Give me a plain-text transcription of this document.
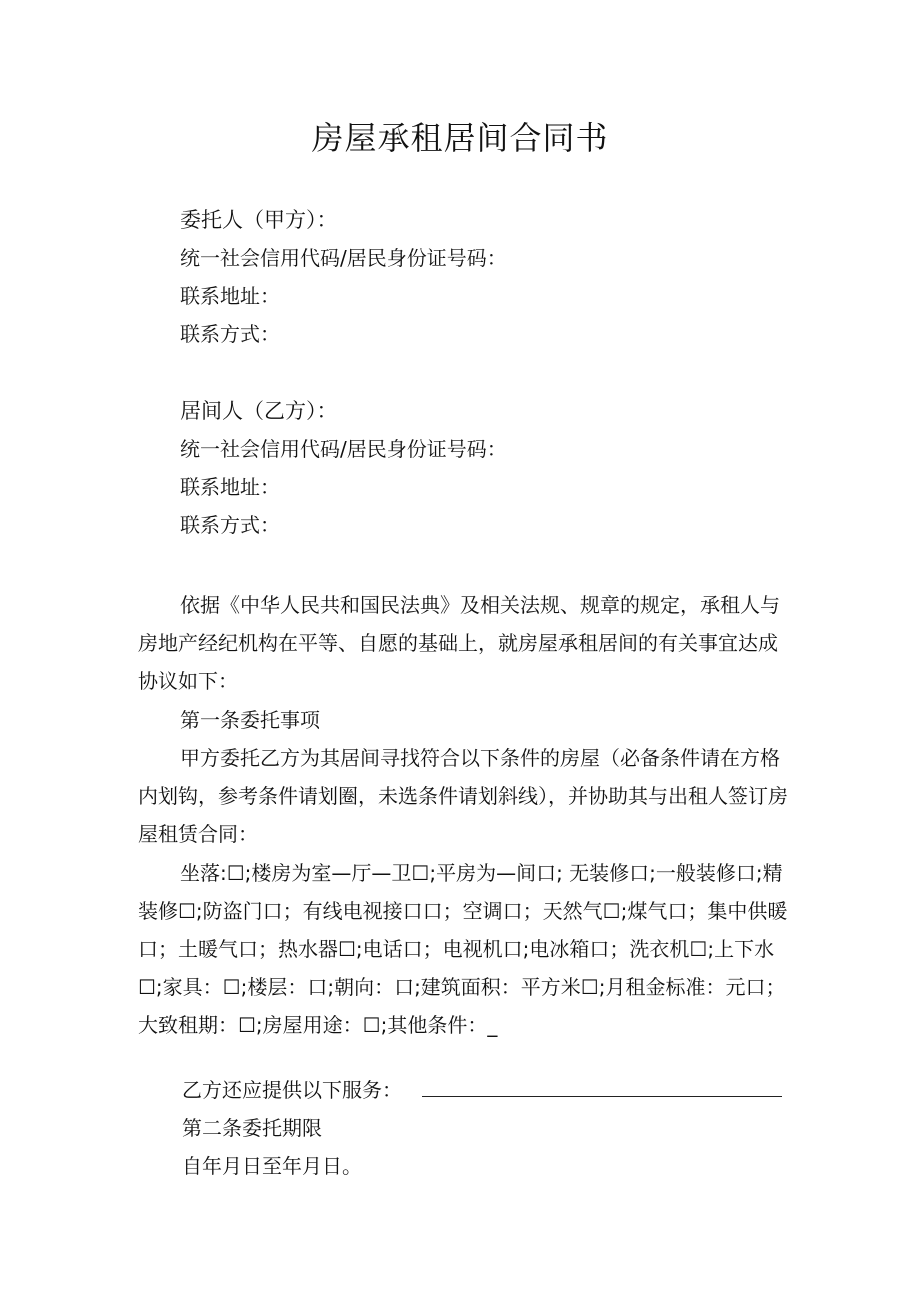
房屋承租居间合同书
委托人（甲方）：
统一社会信用代码/居民身份证号码：
联系地址：
联系方式：
居间人（乙方）：
统一社会信用代码/居民身份证号码：
联系地址：
联系方式：
依据《中华人民共和国民法典》及相关法规、规章的规定，承租人与房地产经纪机构在平等、自愿的基础上，就房屋承租居间的有关事宜达成协议如下：
第一条委托事项
甲方委托乙方为其居间寻找符合以下条件的房屋（必备条件请在方格内划钩，参考条件请划圈，未选条件请划斜线），并协助其与出租人签订房屋租赁合同：
坐落:☐;楼房为室—厅—卫☐;平房为—间口; 无装修口;一般装修口;精装修☐;防盗门口；有线电视接口口；空调口；天然气☐;煤气口；集中供暖口；土暖气口；热水器☐;电话口；电视机口;电冰箱口；洗衣机☐;上下水☐;家具：☐;楼层：口;朝向：口;建筑面积：平方米☐;月租金标准：元口；大致租期：☐;房屋用途：☐;其他条件：_
乙方还应提供以下服务：
第二条委托期限
自年月日至年月日。
